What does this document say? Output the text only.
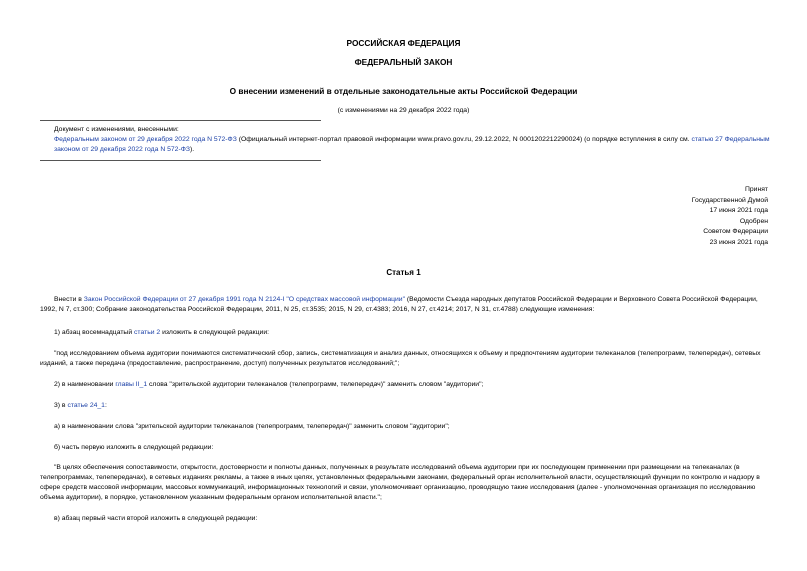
РОССИЙСКАЯ ФЕДЕРАЦИЯ
ФЕДЕРАЛЬНЫЙ ЗАКОН
О внесении изменений в отдельные законодательные акты Российской Федерации
(с изменениями на 29 декабря 2022 года)
Документ с изменениями, внесенными:
Федеральным законом от 29 декабря 2022 года N 572-ФЗ (Официальный интернет-портал правовой информации www.pravo.gov.ru, 29.12.2022, N 0001202212290024) (о порядке вступления в силу см. статью 27 Федеральным законом от 29 декабря 2022 года N 572-ФЗ).
Принят
Государственной Думой
17 июня 2021 года
Одобрен
Советом Федерации
23 июня 2021 года
Статья 1
Внести в Закон Российской Федерации от 27 декабря 1991 года N 2124-I "О средствах массовой информации" (Ведомости Съезда народных депутатов Российской Федерации и Верховного Совета Российской Федерации, 1992, N 7, ст.300; Собрание законодательства Российской Федерации, 2011, N 25, ст.3535; 2015, N 29, ст.4383; 2016, N 27, ст.4214; 2017, N 31, ст.4788) следующие изменения:
1) абзац восемнадцатый статьи 2 изложить в следующей редакции:
"под исследованием объема аудитории понимаются систематический сбор, запись, систематизация и анализ данных, относящихся к объему и предпочтениям аудитории телеканалов (телепрограмм, телепередач), сетевых изданий, а также передача (предоставление, распространение, доступ) полученных результатов исследований;";
2) в наименовании главы II_1 слова "зрительской аудитории телеканалов (телепрограмм, телепередач)" заменить словом "аудитории";
3) в статье 24_1:
а) в наименовании слова "зрительской аудитории телеканалов (телепрограмм, телепередач)" заменить словом "аудитории";
б) часть первую изложить в следующей редакции:
"В целях обеспечения сопоставимости, открытости, достоверности и полноты данных, полученных в результате исследований объема аудитории при их последующем применении при размещении на телеканалах (в телепрограммах, телепередачах), в сетевых изданиях рекламы, а также в иных целях, установленных федеральными законами, федеральный орган исполнительной власти, осуществляющий функции по контролю и надзору в сфере средств массовой информации, массовых коммуникаций, информационных технологий и связи, уполномочивает организацию, проводящую такие исследования (далее - уполномоченная организация по исследованию объема аудитории), в порядке, установленном указанным федеральным органом исполнительной власти.";
в) абзац первый части второй изложить в следующей редакции:
